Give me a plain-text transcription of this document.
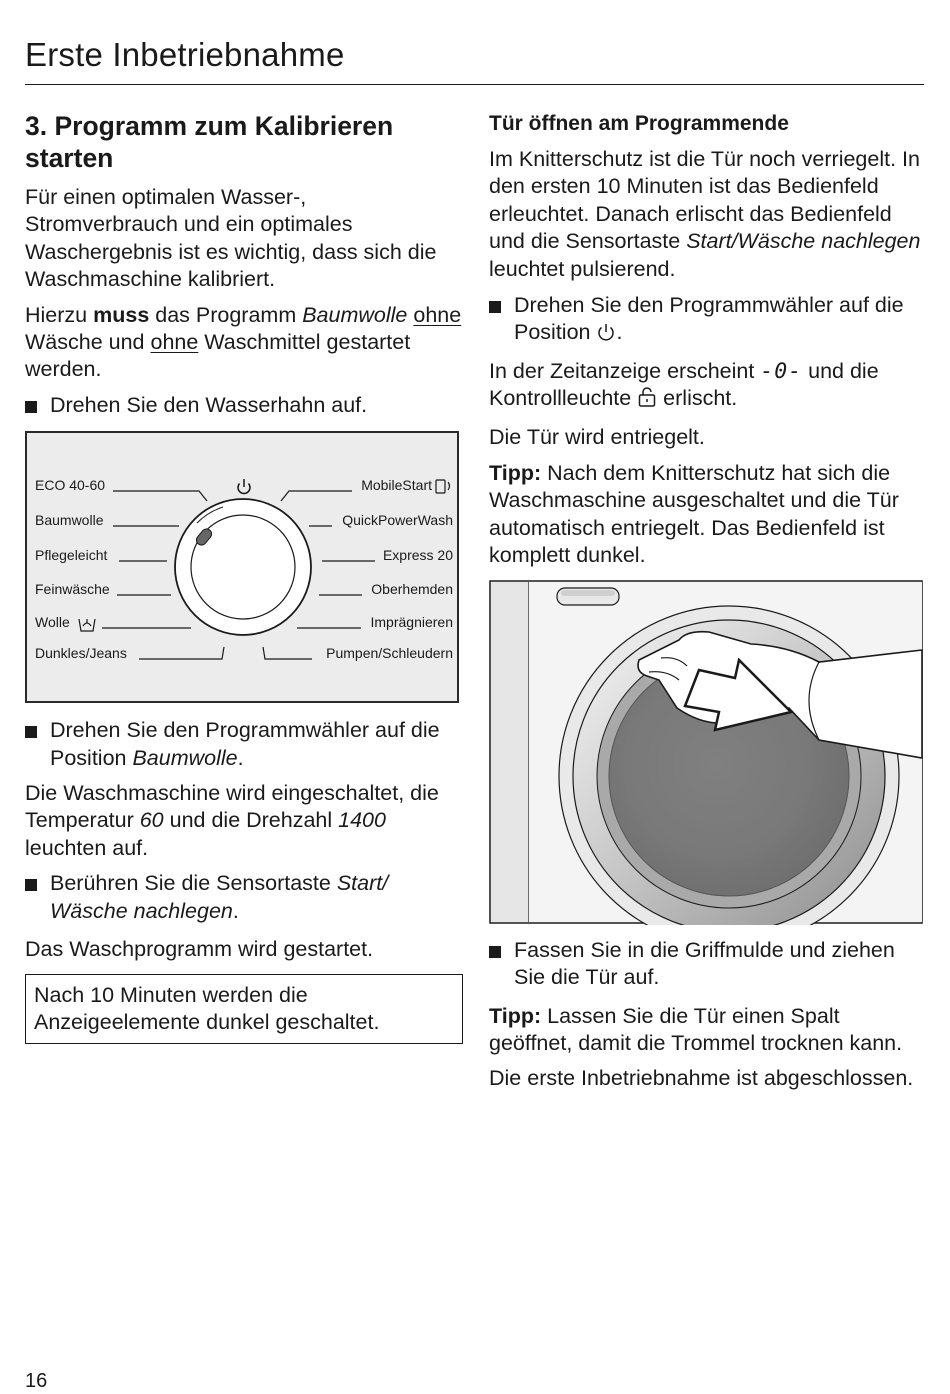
Erste Inbetriebnahme
3. Programm zum Kalibrieren starten

Für einen optimalen Wasser-, Stromverbrauch und ein optimales Waschergebnis ist es wichtig, dass sich die Waschmaschine kalibriert.

Hierzu muss das Programm Baumwolle ohne Wäsche und ohne Waschmittel gestartet werden.

Drehen Sie den Wasserhahn auf.

ECO 40-60
Baumwolle
Pflegeleicht
Feinwäsche
Wolle
Dunkles/Jeans
MobileStart
QuickPowerWash
Express 20
Oberhemden
Imprägnieren
Pumpen/Schleudern

Drehen Sie den Programmwähler auf die Position Baumwolle.

Die Waschmaschine wird eingeschaltet, die Temperatur 60 und die Drehzahl 1400 leuchten auf.

Berühren Sie die Sensortaste Start/ Wäsche nachlegen.

Das Waschprogramm wird gestartet.

Nach 10 Minuten werden die Anzeigeelemente dunkel geschaltet.

Tür öffnen am Programmende

Im Knitterschutz ist die Tür noch verriegelt. In den ersten 10 Minuten ist das Bedienfeld erleuchtet. Danach erlischt das Bedienfeld und die Sensortaste Start/Wäsche nachlegen leuchtet pulsierend.

Drehen Sie den Programmwähler auf die Position .

In der Zeitanzeige erscheint -0- und die Kontrollleuchte  erlischt.

Die Tür wird entriegelt.

Tipp: Nach dem Knitterschutz hat sich die Waschmaschine ausgeschaltet und die Tür automatisch entriegelt. Das Bedienfeld ist komplett dunkel.

Fassen Sie in die Griffmulde und ziehen Sie die Tür auf.

Tipp: Lassen Sie die Tür einen Spalt geöffnet, damit die Trommel trocknen kann.

Die erste Inbetriebnahme ist abgeschlossen.

16
